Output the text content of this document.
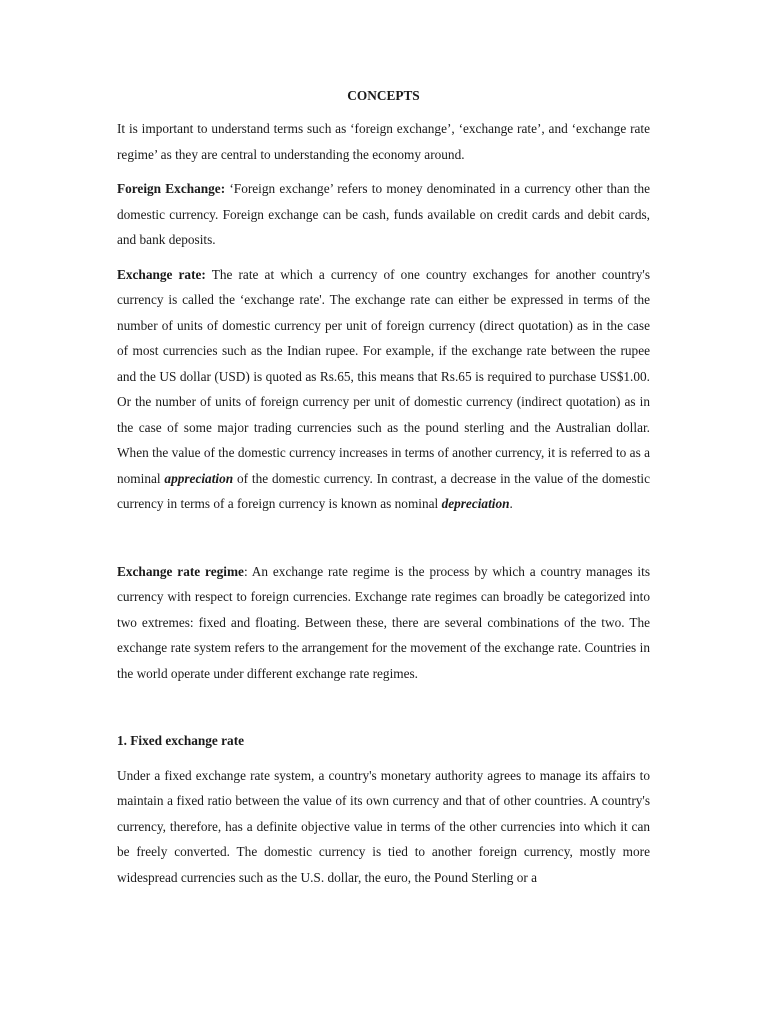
CONCEPTS

It is important to understand terms such as ‘foreign exchange’, ‘exchange rate’, and ‘exchange rate regime’ as they are central to understanding the economy around.

Foreign Exchange: ‘Foreign exchange’ refers to money denominated in a currency other than the domestic currency. Foreign exchange can be cash, funds available on credit cards and debit cards, and bank deposits.

Exchange rate: The rate at which a currency of one country exchanges for another country's currency is called the ‘exchange rate'. The exchange rate can either be expressed in terms of the number of units of domestic currency per unit of foreign currency (direct quotation) as in the case of most currencies such as the Indian rupee. For example, if the exchange rate between the rupee and the US dollar (USD) is quoted as Rs.65, this means that Rs.65 is required to purchase US$1.00. Or the number of units of foreign currency per unit of domestic currency (indirect quotation) as in the case of some major trading currencies such as the pound sterling and the Australian dollar. When the value of the domestic currency increases in terms of another currency, it is referred to as a nominal appreciation of the domestic currency. In contrast, a decrease in the value of the domestic currency in terms of a foreign currency is known as nominal depreciation.

Exchange rate regime: An exchange rate regime is the process by which a country manages its currency with respect to foreign currencies. Exchange rate regimes can broadly be categorized into two extremes: fixed and floating. Between these, there are several combinations of the two. The exchange rate system refers to the arrangement for the movement of the exchange rate. Countries in the world operate under different exchange rate regimes.

1. Fixed exchange rate

Under a fixed exchange rate system, a country's monetary authority agrees to manage its affairs to maintain a fixed ratio between the value of its own currency and that of other countries. A country's currency, therefore, has a definite objective value in terms of the other currencies into which it can be freely converted. The domestic currency is tied to another foreign currency, mostly more widespread currencies such as the U.S. dollar, the euro, the Pound Sterling or a
